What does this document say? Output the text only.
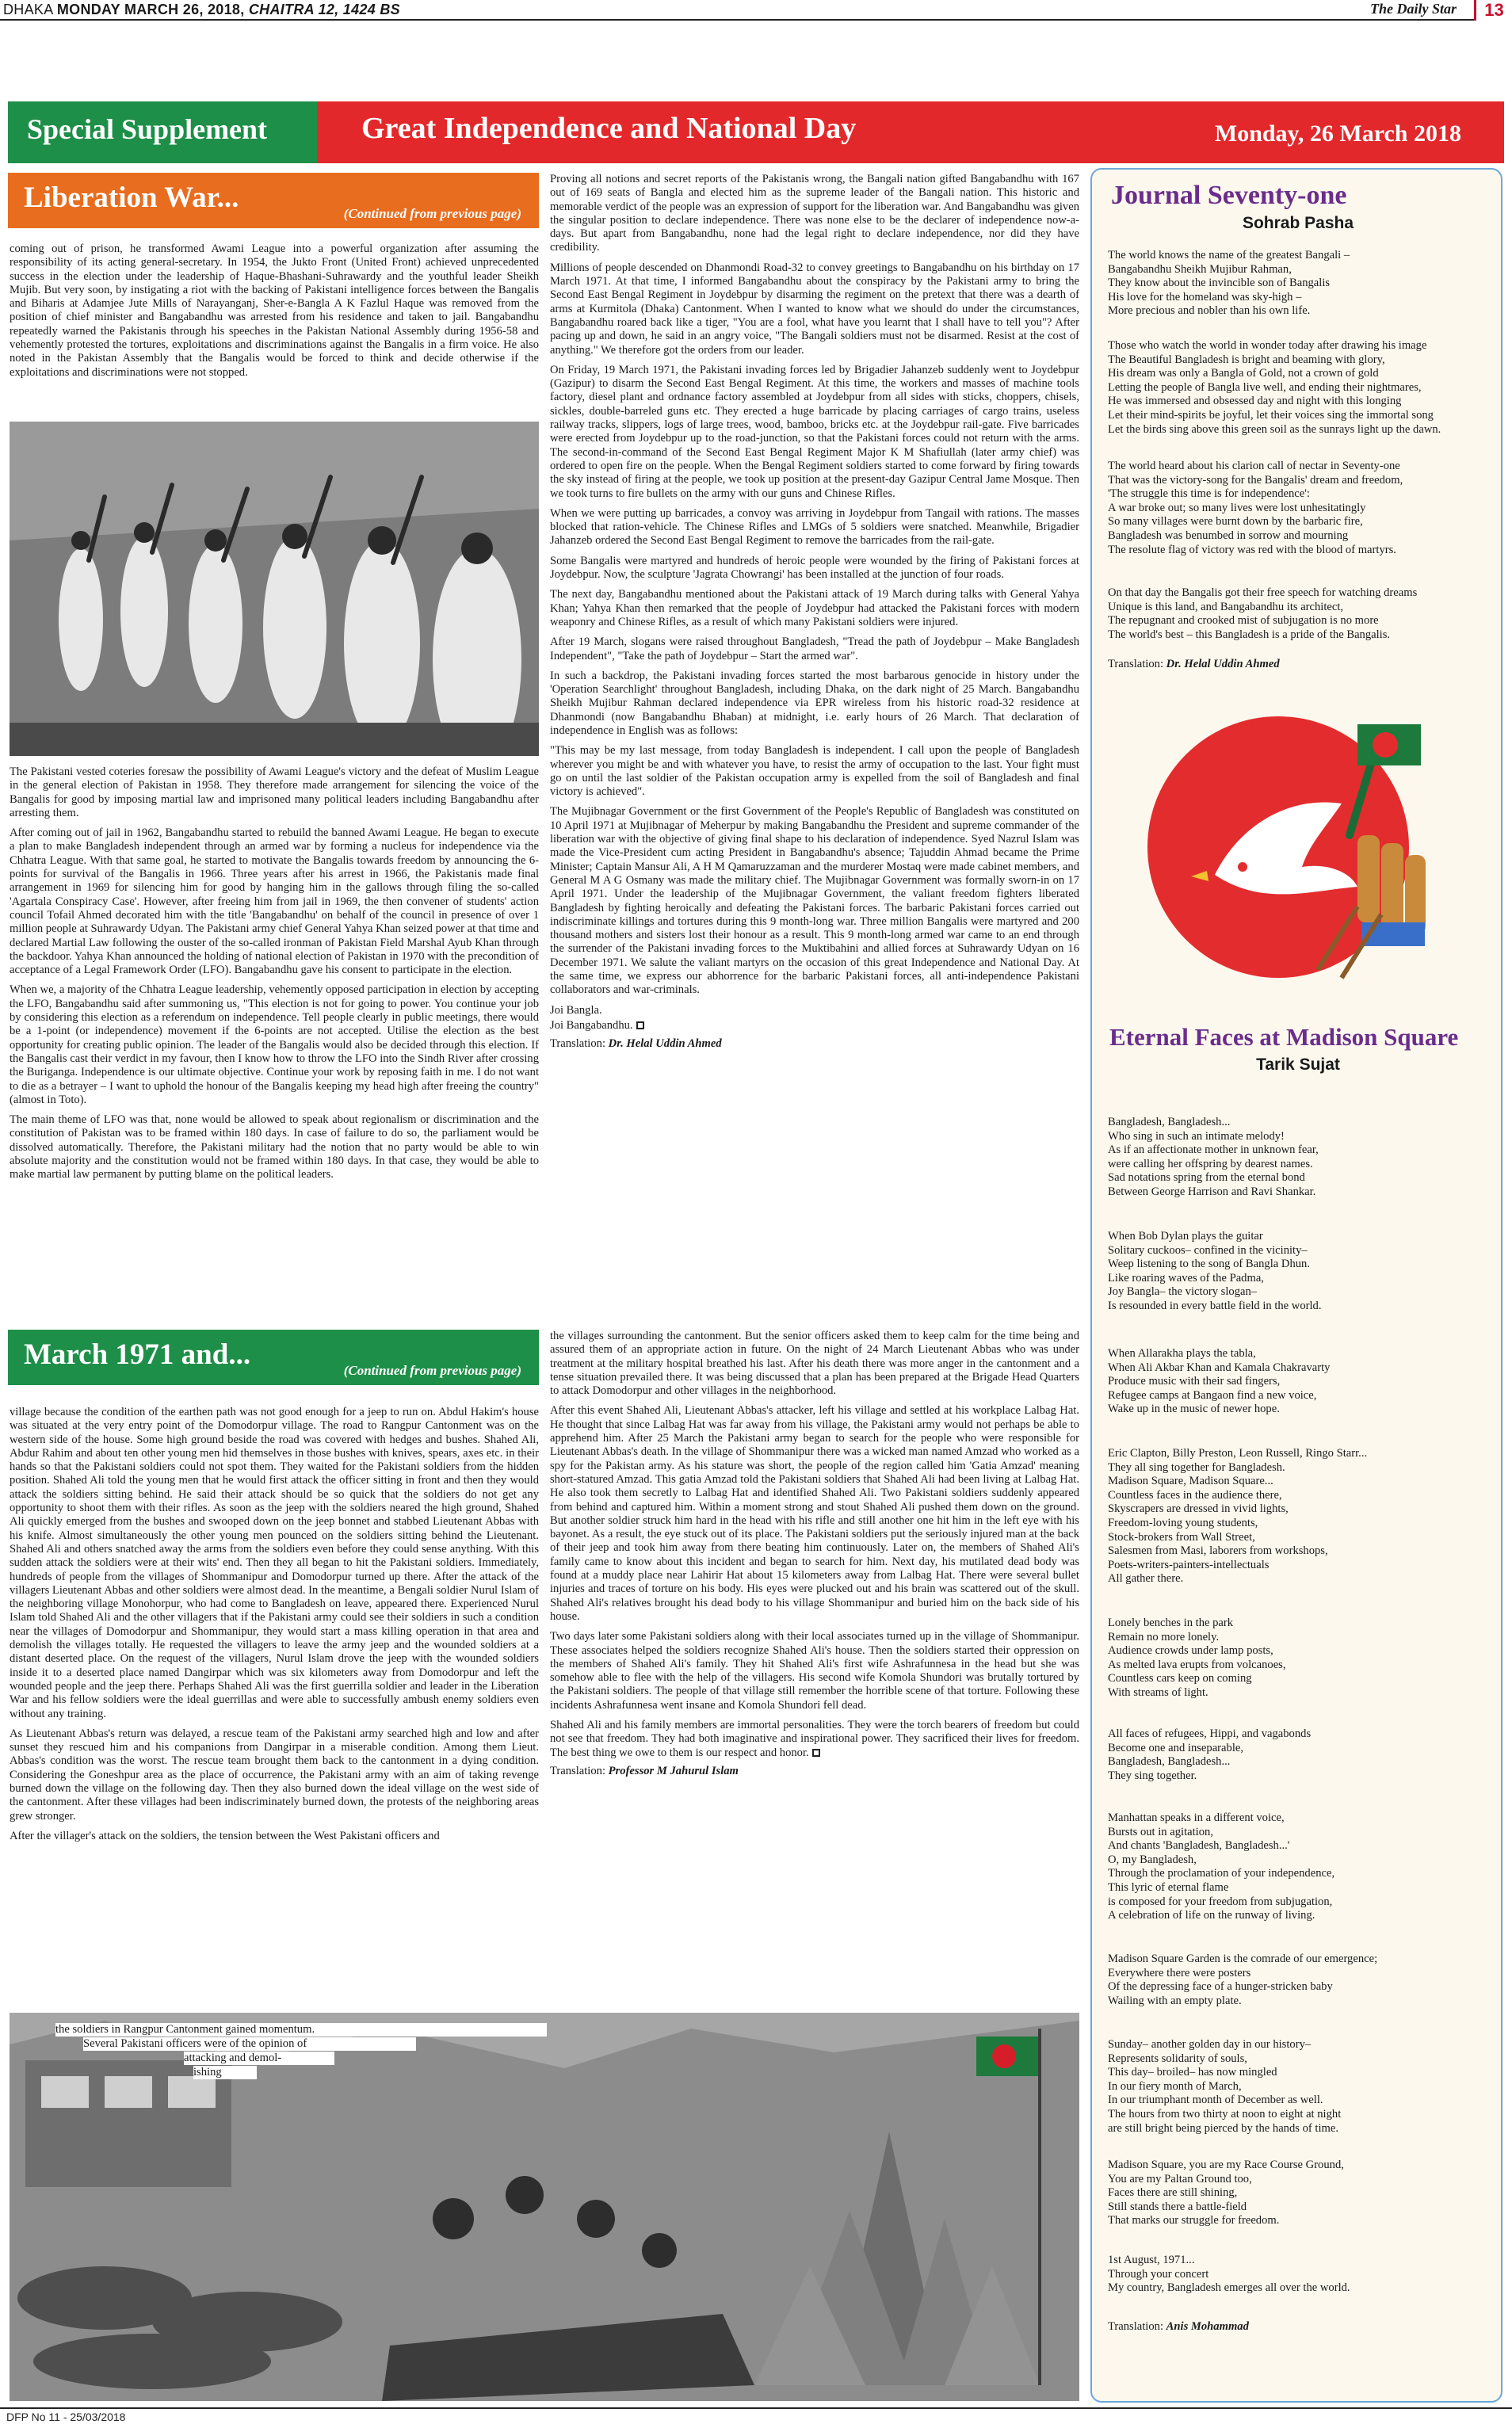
DHAKA MONDAY MARCH 26, 2018, CHAITRA 12, 1424 BS	The Daily Star	13
Special Supplement	Great Independence and National Day	Monday, 26 March 2018
Liberation War...	(Continued from previous page)

coming out of prison, he transformed Awami League into a powerful organization after assuming the responsibility of its acting general-secretary. In 1954, the Jukto Front (United Front) achieved unprecedented success in the election under the leadership of Haque-Bhashani-Suhrawardy and the youthful leader Sheikh Mujib. But very soon, by instigating a riot with the backing of Pakistani intelligence forces between the Bangalis and Biharis at Adamjee Jute Mills of Narayanganj, Sher-e-Bangla A K Fazlul Haque was removed from the position of chief minister and Bangabandhu was arrested from his residence and taken to jail. Bangabandhu repeatedly warned the Pakistanis through his speeches in the Pakistan National Assembly during 1956-58 and vehemently protested the tortures, exploitations and discriminations against the Bangalis in a firm voice. He also noted in the Pakistan Assembly that the Bangalis would be forced to think and decide otherwise if the exploitations and discriminations were not stopped.

The Pakistani vested coteries foresaw the possibility of Awami League's victory and the defeat of Muslim League in the general election of Pakistan in 1958. They therefore made arrangement for silencing the voice of the Bangalis for good by imposing martial law and imprisoned many political leaders including Bangabandhu after arresting them.

After coming out of jail in 1962, Bangabandhu started to rebuild the banned Awami League. He began to execute a plan to make Bangladesh independent through an armed war by forming a nucleus for independence via the Chhatra League. With that same goal, he started to motivate the Bangalis towards freedom by announcing the 6-points for survival of the Bangalis in 1966. Three years after his arrest in 1966, the Pakistanis made final arrangement in 1969 for silencing him for good by hanging him in the gallows through filing the so-called 'Agartala Conspiracy Case'. However, after freeing him from jail in 1969, the then convener of students' action council Tofail Ahmed decorated him with the title 'Bangabandhu' on behalf of the council in presence of over 1 million people at Suhrawardy Udyan. The Pakistani army chief General Yahya Khan seized power at that time and declared Martial Law following the ouster of the so-called ironman of Pakistan Field Marshal Ayub Khan through the backdoor. Yahya Khan announced the holding of national election of Pakistan in 1970 with the precondition of acceptance of a Legal Framework Order (LFO). Bangabandhu gave his consent to participate in the election.

When we, a majority of the Chhatra League leadership, vehemently opposed participation in election by accepting the LFO, Bangabandhu said after summoning us, "This election is not for going to power. You continue your job by considering this election as a referendum on independence. Tell people clearly in public meetings, there would be a 1-point (or independence) movement if the 6-points are not accepted. Utilise the election as the best opportunity for creating public opinion. The leader of the Bangalis would also be decided through this election. If the Bangalis cast their verdict in my favour, then I know how to throw the LFO into the Sindh River after crossing the Buriganga. Independence is our ultimate objective. Continue your work by reposing faith in me. I do not want to die as a betrayer – I want to uphold the honour of the Bangalis keeping my head high after freeing the country" (almost in Toto).

The main theme of LFO was that, none would be allowed to speak about regionalism or discrimination and the constitution of Pakistan was to be framed within 180 days. In case of failure to do so, the parliament would be dissolved automatically. Therefore, the Pakistani military had the notion that no party would be able to win absolute majority and the constitution would not be framed within 180 days. In that case, they would be able to make martial law permanent by putting blame on the political leaders.

Proving all notions and secret reports of the Pakistanis wrong, the Bangali nation gifted Bangabandhu with 167 out of 169 seats of Bangla and elected him as the supreme leader of the Bangali nation. This historic and memorable verdict of the people was an expression of support for the liberation war. And Bangabandhu was given the singular position to declare independence. There was none else to be the declarer of independence now-a-days. But apart from Bangabandhu, none had the legal right to declare independence, nor did they have credibility.

Millions of people descended on Dhanmondi Road-32 to convey greetings to Bangabandhu on his birthday on 17 March 1971. At that time, I informed Bangabandhu about the conspiracy by the Pakistani army to bring the Second East Bengal Regiment in Joydebpur by disarming the regiment on the pretext that there was a dearth of arms at Kurmitola (Dhaka) Cantonment. When I wanted to know what we should do under the circumstances, Bangabandhu roared back like a tiger, "You are a fool, what have you learnt that I shall have to tell you"? After pacing up and down, he said in an angry voice, "The Bangali soldiers must not be disarmed. Resist at the cost of anything." We therefore got the orders from our leader.

On Friday, 19 March 1971, the Pakistani invading forces led by Brigadier Jahanzeb suddenly went to Joydebpur (Gazipur) to disarm the Second East Bengal Regiment. At this time, the workers and masses of machine tools factory, diesel plant and ordnance factory assembled at Joydebpur from all sides with sticks, choppers, chisels, sickles, double-barreled guns etc. They erected a huge barricade by placing carriages of cargo trains, useless railway tracks, slippers, logs of large trees, wood, bamboo, bricks etc. at the Joydebpur rail-gate. Five barricades were erected from Joydebpur up to the road-junction, so that the Pakistani forces could not return with the arms. The second-in-command of the Second East Bengal Regiment Major K M Shafiullah (later army chief) was ordered to open fire on the people. When the Bengal Regiment soldiers started to come forward by firing towards the sky instead of firing at the people, we took up position at the present-day Gazipur Central Jame Mosque. Then we took turns to fire bullets on the army with our guns and Chinese Rifles.

When we were putting up barricades, a convoy was arriving in Joydebpur from Tangail with rations. The masses blocked that ration-vehicle. The Chinese Rifles and LMGs of 5 soldiers were snatched. Meanwhile, Brigadier Jahanzeb ordered the Second East Bengal Regiment to remove the barricades from the rail-gate.

Some Bangalis were martyred and hundreds of heroic people were wounded by the firing of Pakistani forces at Joydebpur. Now, the sculpture 'Jagrata Chowrangi' has been installed at the junction of four roads.

The next day, Bangabandhu mentioned about the Pakistani attack of 19 March during talks with General Yahya Khan; Yahya Khan then remarked that the people of Joydebpur had attacked the Pakistani forces with modern weaponry and Chinese Rifles, as a result of which many Pakistani soldiers were injured.

After 19 March, slogans were raised throughout Bangladesh, "Tread the path of Joydebpur – Make Bangladesh Independent", "Take the path of Joydebpur – Start the armed war".

In such a backdrop, the Pakistani invading forces started the most barbarous genocide in history under the 'Operation Searchlight' throughout Bangladesh, including Dhaka, on the dark night of 25 March. Bangabandhu Sheikh Mujibur Rahman declared independence via EPR wireless from his historic road-32 residence at Dhanmondi (now Bangabandhu Bhaban) at midnight, i.e. early hours of 26 March. That declaration of independence in English was as follows:

"This may be my last message, from today Bangladesh is independent. I call upon the people of Bangladesh wherever you might be and with whatever you have, to resist the army of occupation to the last. Your fight must go on until the last soldier of the Pakistan occupation army is expelled from the soil of Bangladesh and final victory is achieved".

The Mujibnagar Government or the first Government of the People's Republic of Bangladesh was constituted on 10 April 1971 at Mujibnagar of Meherpur by making Bangabandhu the President and supreme commander of the liberation war with the objective of giving final shape to his declaration of independence. Syed Nazrul Islam was made the Vice-President cum acting President in Bangabandhu's absence; Tajuddin Ahmad became the Prime Minister; Captain Mansur Ali, A H M Qamaruzzaman and the murderer Mostaq were made cabinet members, and General M A G Osmany was made the military chief. The Mujibnagar Government was formally sworn-in on 17 April 1971. Under the leadership of the Mujibnagar Government, the valiant freedom fighters liberated Bangladesh by fighting heroically and defeating the Pakistani forces. The barbaric Pakistani forces carried out indiscriminate killings and tortures during this 9 month-long war. Three million Bangalis were martyred and 200 thousand mothers and sisters lost their honour as a result. This 9 month-long armed war came to an end through the surrender of the Pakistani invading forces to the Muktibahini and allied forces at Suhrawardy Udyan on 16 December 1971. We salute the valiant martyrs on the occasion of this great Independence and National Day. At the same time, we express our abhorrence for the barbaric Pakistani forces, all anti-independence Pakistani collaborators and war-criminals.

Joi Bangla.

Joi Bangabandhu.

Translation: Dr. Helal Uddin Ahmed

March 1971 and...	(Continued from previous page)

village because the condition of the earthen path was not good enough for a jeep to run on. Abdul Hakim's house was situated at the very entry point of the Domodorpur village. The road to Rangpur Cantonment was on the western side of the house. Some high ground beside the road was covered with hedges and bushes. Shahed Ali, Abdur Rahim and about ten other young men hid themselves in those bushes with knives, spears, axes etc. in their hands so that the Pakistani soldiers could not spot them. They waited for the Pakistani soldiers from the hidden position. Shahed Ali told the young men that he would first attack the officer sitting in front and then they would attack the soldiers sitting behind. He said their attack should be so quick that the soldiers do not get any opportunity to shoot them with their rifles. As soon as the jeep with the soldiers neared the high ground, Shahed Ali quickly emerged from the bushes and swooped down on the jeep bonnet and stabbed Lieutenant Abbas with his knife. Almost simultaneously the other young men pounced on the soldiers sitting behind the Lieutenant. Shahed Ali and others snatched away the arms from the soldiers even before they could sense anything. With this sudden attack the soldiers were at their wits' end. Then they all began to hit the Pakistani soldiers. Immediately, hundreds of people from the villages of Shommanipur and Domodorpur turned up there. After the attack of the villagers Lieutenant Abbas and other soldiers were almost dead. In the meantime, a Bengali soldier Nurul Islam of the neighboring village Monohorpur, who had come to Bangladesh on leave, appeared there. Experienced Nurul Islam told Shahed Ali and the other villagers that if the Pakistani army could see their soldiers in such a condition near the villages of Domodorpur and Shommanipur, they would start a mass killing operation in that area and demolish the villages totally. He requested the villagers to leave the army jeep and the wounded soldiers at a distant deserted place. On the request of the villagers, Nurul Islam drove the jeep with the wounded soldiers inside it to a deserted place named Dangirpar which was six kilometers away from Domodorpur and left the wounded people and the jeep there. Perhaps Shahed Ali was the first guerrilla soldier and leader in the Liberation War and his fellow soldiers were the ideal guerrillas and were able to successfully ambush enemy soldiers even without any training.

As Lieutenant Abbas's return was delayed, a rescue team of the Pakistani army searched high and low and after sunset they rescued him and his companions from Dangirpar in a miserable condition. Among them Lieut. Abbas's condition was the worst. The rescue team brought them back to the cantonment in a dying condition. Considering the Goneshpur area as the place of occurrence, the Pakistani army with an aim of taking revenge burned down the village on the following day. Then they also burned down the ideal village on the west side of the cantonment. After these villages had been indiscriminately burned down, the protests of the neighboring areas grew stronger.

After the villager's attack on the soldiers, the tension between the West Pakistani officers and

the soldiers in Rangpur Cantonment gained momentum.
Several Pakistani officers were of the opinion of
attacking and demol-
ishing

the villages surrounding the cantonment. But the senior officers asked them to keep calm for the time being and assured them of an appropriate action in future. On the night of 24 March Lieutenant Abbas who was under treatment at the military hospital breathed his last. After his death there was more anger in the cantonment and a tense situation prevailed there. It was being discussed that a plan has been prepared at the Brigade Head Quarters to attack Domodorpur and other villages in the neighborhood.

After this event Shahed Ali, Lieutenant Abbas's attacker, left his village and settled at his workplace Lalbag Hat. He thought that since Lalbag Hat was far away from his village, the Pakistani army would not perhaps be able to apprehend him. After 25 March the Pakistani army began to search for the people who were responsible for Lieutenant Abbas's death. In the village of Shommanipur there was a wicked man named Amzad who worked as a spy for the Pakistan army. As his stature was short, the people of the region called him 'Gatia Amzad' meaning short-statured Amzad. This gatia Amzad told the Pakistani soldiers that Shahed Ali had been living at Lalbag Hat. He also took them secretly to Lalbag Hat and identified Shahed Ali. Two Pakistani soldiers suddenly appeared from behind and captured him. Within a moment strong and stout Shahed Ali pushed them down on the ground. But another soldier struck him hard in the head with his rifle and still another one hit him in the left eye with his bayonet. As a result, the eye stuck out of its place. The Pakistani soldiers put the seriously injured man at the back of their jeep and took him away from there beating him continuously. Later on, the members of Shahed Ali's family came to know about this incident and began to search for him. Next day, his mutilated dead body was found at a muddy place near Lahirir Hat about 15 kilometers away from Lalbag Hat. There were several bullet injuries and traces of torture on his body. His eyes were plucked out and his brain was scattered out of the skull. Shahed Ali's relatives brought his dead body to his village Shommanipur and buried him on the back side of his house.

Two days later some Pakistani soldiers along with their local associates turned up in the village of Shommanipur. These associates helped the soldiers recognize Shahed Ali's house. Then the soldiers started their oppression on the members of Shahed Ali's family. They hit Shahed Ali's first wife Ashrafunnesa in the head but she was somehow able to flee with the help of the villagers. His second wife Komola Shundori was brutally tortured by the Pakistani soldiers. The people of that village still remember the horrible scene of that torture. Following these incidents Ashrafunnesa went insane and Komola Shundori fell dead.

Shahed Ali and his family members are immortal personalities. They were the torch bearers of freedom but could not see that freedom. They had both imaginative and inspirational power. They sacrificed their lives for freedom. The best thing we owe to them is our respect and honor.

Translation: Professor M Jahurul Islam

Journal Seventy-one
Sohrab Pasha
The world knows the name of the greatest Bangali –
Bangabandhu Sheikh Mujibur Rahman,
They know about the invincible son of Bangalis
His love for the homeland was sky-high –
More precious and nobler than his own life.
Those who watch the world in wonder today after drawing his image
The Beautiful Bangladesh is bright and beaming with glory,
His dream was only a Bangla of Gold, not a crown of gold
Letting the people of Bangla live well, and ending their nightmares,
He was immersed and obsessed day and night with this longing
Let their mind-spirits be joyful, let their voices sing the immortal song
Let the birds sing above this green soil as the sunrays light up the dawn.
The world heard about his clarion call of nectar in Seventy-one
That was the victory-song for the Bangalis' dream and freedom,
'The struggle this time is for independence':
A war broke out; so many lives were lost unhesitatingly
So many villages were burnt down by the barbaric fire,
Bangladesh was benumbed in sorrow and mourning
The resolute flag of victory was red with the blood of martyrs.
On that day the Bangalis got their free speech for watching dreams
Unique is this land, and Bangabandhu its architect,
The repugnant and crooked mist of subjugation is no more
The world's best – this Bangladesh is a pride of the Bangalis.
Translation: Dr. Helal Uddin Ahmed
Eternal Faces at Madison Square
Tarik Sujat
Bangladesh, Bangladesh...
Who sing in such an intimate melody!
As if an affectionate mother in unknown fear,
were calling her offspring by dearest names.
Sad notations spring from the eternal bond
Between George Harrison and Ravi Shankar.
When Bob Dylan plays the guitar
Solitary cuckoos– confined in the vicinity–
Weep listening to the song of Bangla Dhun.
Like roaring waves of the Padma,
Joy Bangla– the victory slogan–
Is resounded in every battle field in the world.
When Allarakha plays the tabla,
When Ali Akbar Khan and Kamala Chakravarty
Produce music with their sad fingers,
Refugee camps at Bangaon find a new voice,
Wake up in the music of newer hope.
Eric Clapton, Billy Preston, Leon Russell, Ringo Starr...
They all sing together for Bangladesh.
Madison Square, Madison Square...
Countless faces in the audience there,
Skyscrapers are dressed in vivid lights,
Freedom-loving young students,
Stock-brokers from Wall Street,
Salesmen from Masi, laborers from workshops,
Poets-writers-painters-intellectuals
All gather there.
Lonely benches in the park
Remain no more lonely.
Audience crowds under lamp posts,
As melted lava erupts from volcanoes,
Countless cars keep on coming
With streams of light.
All faces of refugees, Hippi, and vagabonds
Become one and inseparable,
Bangladesh, Bangladesh...
They sing together.
Manhattan speaks in a different voice,
Bursts out in agitation,
And chants 'Bangladesh, Bangladesh...'
O, my Bangladesh,
Through the proclamation of your independence,
This lyric of eternal flame
is composed for your freedom from subjugation,
A celebration of life on the runway of living.
Madison Square Garden is the comrade of our emergence;
Everywhere there were posters
Of the depressing face of a hunger-stricken baby
Wailing with an empty plate.
Sunday– another golden day in our history–
Represents solidarity of souls,
This day– broiled– has now mingled
In our fiery month of March,
In our triumphant month of December as well.
The hours from two thirty at noon to eight at night
are still bright being pierced by the hands of time.
Madison Square, you are my Race Course Ground,
You are my Paltan Ground too,
Faces there are still shining,
Still stands there a battle-field
That marks our struggle for freedom.
1st August, 1971...
Through your concert
My country, Bangladesh emerges all over the world.
Translation: Anis Mohammad
DFP No 11 - 25/03/2018
